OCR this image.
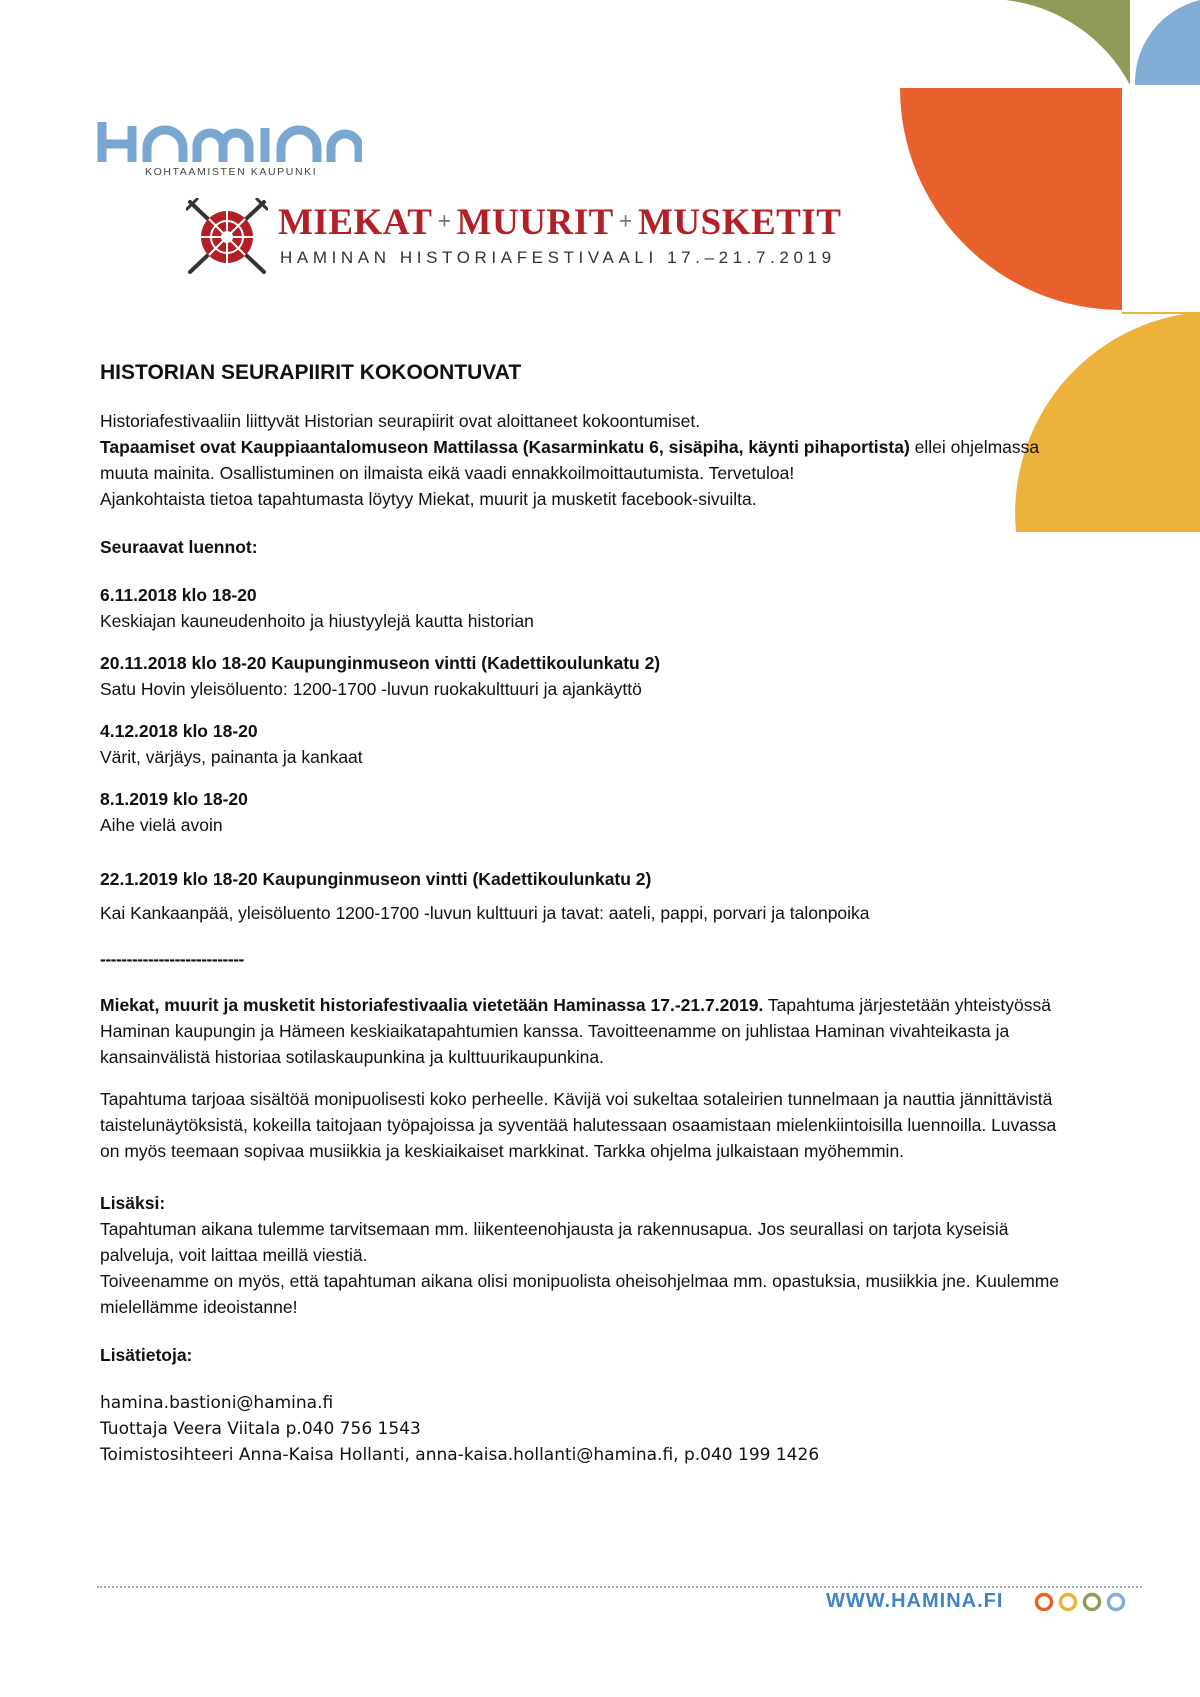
KOHTAAMISTEN KAUPUNKI
MIEKAT + MUURIT + MUSKETIT
HAMINAN HISTORIAFESTIVAALI 17.–21.7.2019
HISTORIAN SEURAPIIRIT KOKOONTUVAT

Historiafestivaaliin liittyvät Historian seurapiirit ovat aloittaneet kokoontumiset.
Tapaamiset ovat Kauppiaantalomuseon Mattilassa (Kasarminkatu 6, sisäpiha, käynti pihaportista) ellei ohjelmassa muuta mainita. Osallistuminen on ilmaista eikä vaadi ennakkoilmoittautumista. Tervetuloa!
Ajankohtaista tietoa tapahtumasta löytyy Miekat, muurit ja musketit facebook-sivuilta.

Seuraavat luennot:

6.11.2018 klo 18-20
Keskiajan kauneudenhoito ja hiustyylejä kautta historian
20.11.2018 klo 18-20 Kaupunginmuseon vintti (Kadettikoulunkatu 2)
Satu Hovin yleisöluento: 1200-1700 -luvun ruokakulttuuri ja ajankäyttö
4.12.2018 klo 18-20
Värit, värjäys, painanta ja kankaat
8.1.2019 klo 18-20
Aihe vielä avoin
22.1.2019 klo 18-20 Kaupunginmuseon vintti (Kadettikoulunkatu 2)
Kai Kankaanpää, yleisöluento 1200-1700 -luvun kulttuuri ja tavat: aateli, pappi, porvari ja talonpoika

---------------------------

Miekat, muurit ja musketit historiafestivaalia vietetään Haminassa 17.-21.7.2019. Tapahtuma järjestetään yhteistyössä Haminan kaupungin ja Hämeen keskiaikatapahtumien kanssa. Tavoitteenamme on juhlistaa Haminan vivahteikasta ja kansainvälistä historiaa sotilaskaupunkina ja kulttuurikaupunkina.

Tapahtuma tarjoaa sisältöä monipuolisesti koko perheelle. Kävijä voi sukeltaa sotaleirien tunnelmaan ja nauttia jännittävistä taistelunäytöksistä, kokeilla taitojaan työpajoissa ja syventää halutessaan osaamistaan mielenkiintoisilla luennoilla. Luvassa on myös teemaan sopivaa musiikkia ja keskiaikaiset markkinat. Tarkka ohjelma julkaistaan myöhemmin.

Lisäksi:

Tapahtuman aikana tulemme tarvitsemaan mm. liikenteenohjausta ja rakennusapua. Jos seurallasi on tarjota kyseisiä palveluja, voit laittaa meillä viestiä.

Toiveenamme on myös, että tapahtuman aikana olisi monipuolista oheisohjelmaa mm. opastuksia, musiikkia jne. Kuulemme mielellämme ideoistanne!

Lisätietoja:

hamina.bastioni@hamina.fi
Tuottaja Veera Viitala p.040 756 1543
Toimistosihteeri Anna-Kaisa Hollanti, anna-kaisa.hollanti@hamina.fi, p.040 199 1426
WWW.HAMINA.FI
